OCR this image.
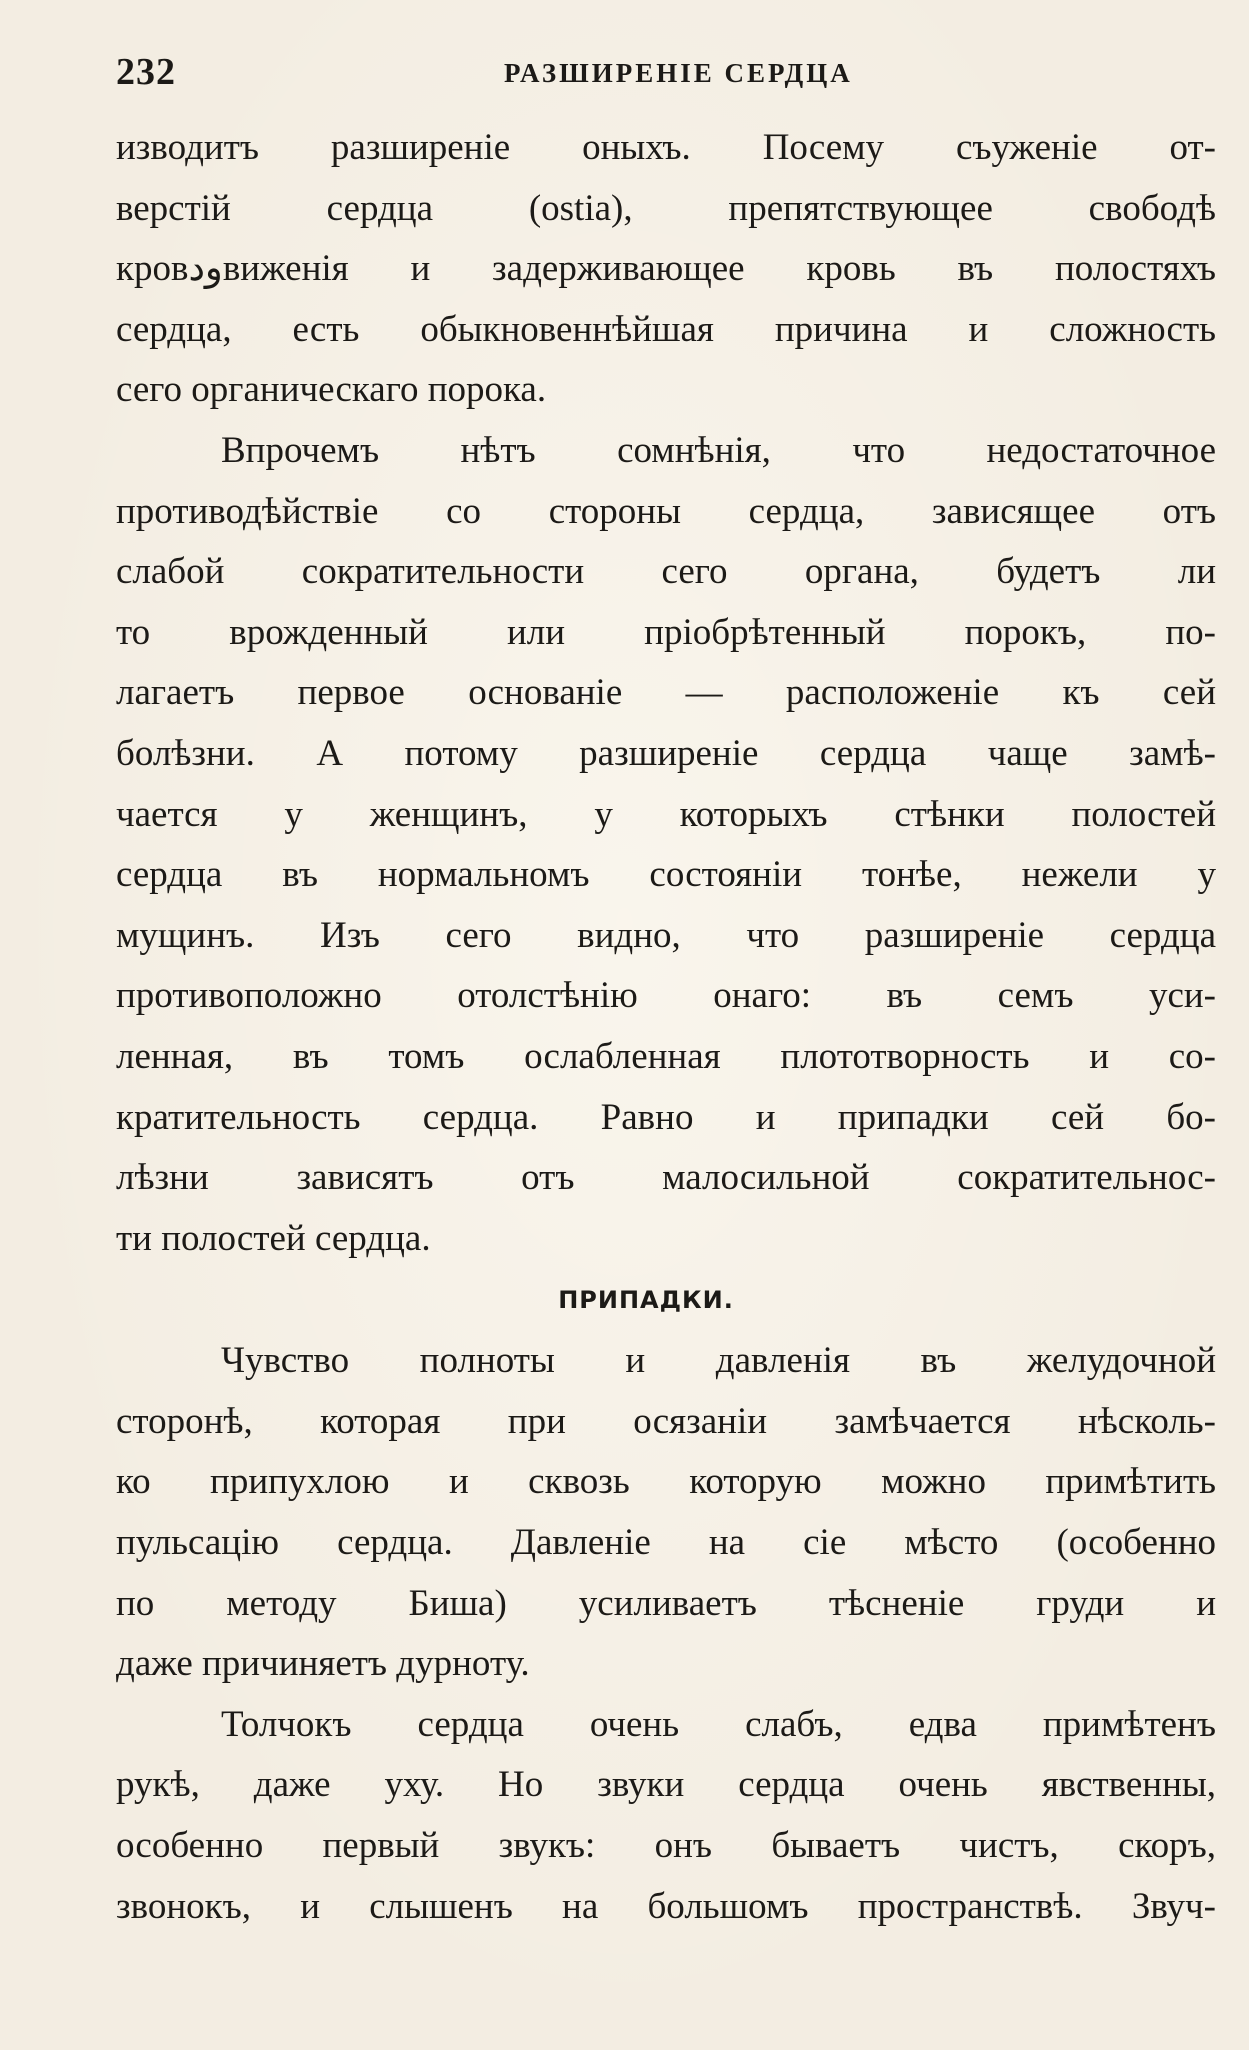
232	РАЗШИРЕНІЕ СЕРДЦА
изводитъ разширеніе оныхъ. Посему съуженіе от-
верстій сердца (ostia), препятствующее свободѣ
кровودвиженія и задерживающее кровь въ полостяхъ
сердца, есть обыкновеннѣйшая причина и сложность
сего органическаго порока.
Впрочемъ нѣтъ сомнѣнія, что недостаточное
противодѣйствіе со стороны сердца, зависящее отъ
слабой сократительности сего органа, будетъ ли
то врожденный или пріобрѣтенный порокъ, по-
лагаетъ первое основаніе — расположеніе къ сей
болѣзни. А потому разширеніе сердца чаще замѣ-
чается у женщинъ, у которыхъ стѣнки полостей
сердца въ нормальномъ состояніи тонѣе, нежели у
мущинъ. Изъ сего видно, что разширеніе сердца
противоположно отолстѣнію онаго: въ семъ уси-
ленная, въ томъ ослабленная плототворность и со-
кратительность сердца. Равно и припадки сей бо-
лѣзни зависятъ отъ малосильной сократительнос-
ти полостей сердца.
ПРИПАДКИ.
Чувство полноты и давленія въ желудочной
сторонѣ, которая при осязаніи замѣчается нѣсколь-
ко припухлою и сквозь которую можно примѣтить
пульсацію сердца. Давленіе на сіе мѣсто (особенно
по методу Биша) усиливаетъ тѣсненіе груди и
даже причиняетъ дурноту.
Толчокъ сердца очень слабъ, едва примѣтенъ
рукѣ, даже уху. Но звуки сердца очень явственны,
особенно первый звукъ: онъ бываетъ чистъ, скоръ,
звонокъ, и слышенъ на большомъ пространствѣ. Звуч-
